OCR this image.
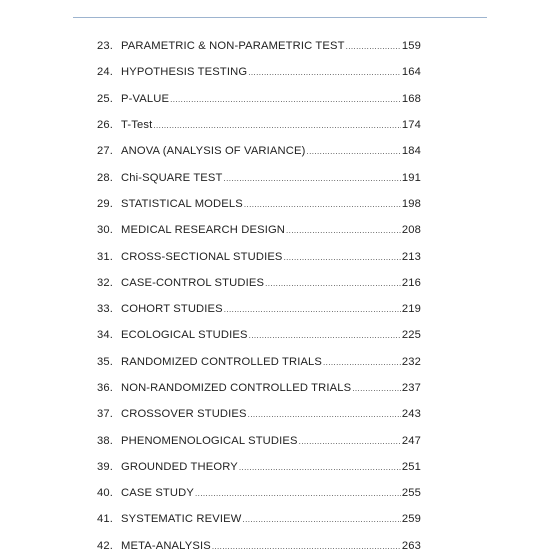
23. PARAMETRIC & NON-PARAMETRIC TEST .....	159
24. HYPOTHESIS TESTING .....	164
25. P-VALUE .....	168
26. T-Test .....	174
27. ANOVA (ANALYSIS OF VARIANCE) .....	184
28. Chi-SQUARE TEST .....	191
29. STATISTICAL MODELS .....	198
30. MEDICAL RESEARCH DESIGN .....	208
31. CROSS-SECTIONAL STUDIES .....	213
32. CASE-CONTROL STUDIES .....	216
33. COHORT STUDIES .....	219
34. ECOLOGICAL STUDIES .....	225
35. RANDOMIZED CONTROLLED TRIALS .....	232
36. NON-RANDOMIZED CONTROLLED TRIALS .....	237
37. CROSSOVER STUDIES .....	243
38. PHENOMENOLOGICAL STUDIES .....	247
39. GROUNDED THEORY .....	251
40. CASE STUDY .....	255
41. SYSTEMATIC REVIEW .....	259
42. META-ANALYSIS .....	263
